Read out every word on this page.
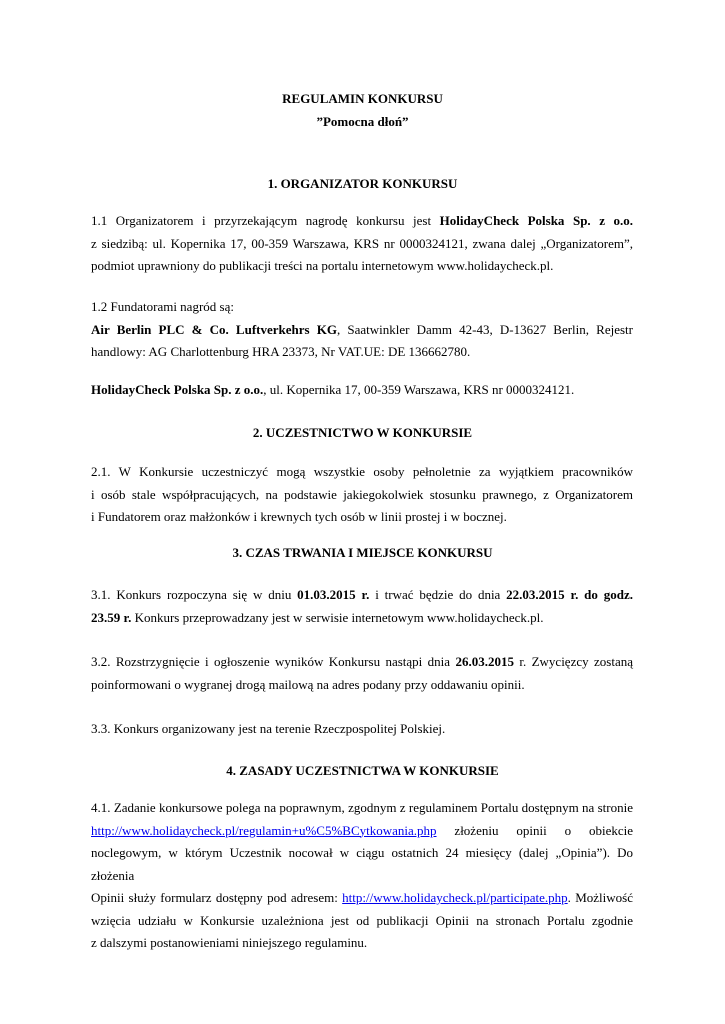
REGULAMIN KONKURSU
”Pomocna dłoń”
1. ORGANIZATOR KONKURSU
1.1 Organizatorem i przyrzekającym nagrodę konkursu jest HolidayCheck Polska Sp. z o.o.
z siedzibą: ul. Kopernika 17, 00-359 Warszawa, KRS nr 0000324121, zwana dalej „Organizatorem”,
podmiot uprawniony do publikacji treści na portalu internetowym www.holidaycheck.pl.
1.2 Fundatorami nagród są:
Air Berlin PLC & Co. Luftverkehrs KG, Saatwinkler Damm 42-43, D-13627 Berlin, Rejestr
handlowy: AG Charlottenburg HRA 23373, Nr VAT.UE: DE 136662780.
HolidayCheck Polska Sp. z o.o., ul. Kopernika 17, 00-359 Warszawa, KRS nr 0000324121.
2. UCZESTNICTWO W KONKURSIE
2.1. W Konkursie uczestniczyć mogą wszystkie osoby pełnoletnie za wyjątkiem pracowników
i osób stale współpracujących, na podstawie jakiegokolwiek stosunku prawnego, z Organizatorem
i Fundatorem oraz małżonków i krewnych tych osób w linii prostej i w bocznej.
3. CZAS TRWANIA I MIEJSCE KONKURSU
3.1. Konkurs rozpoczyna się w dniu 01.03.2015 r. i trwać będzie do dnia 22.03.2015 r. do godz.
23.59 r. Konkurs przeprowadzany jest w serwisie internetowym www.holidaycheck.pl.
3.2. Rozstrzygnięcie i ogłoszenie wyników Konkursu nastąpi dnia 26.03.2015 r. Zwycięzcy zostaną
poinformowani o wygranej drogą mailową na adres podany przy oddawaniu opinii.
3.3. Konkurs organizowany jest na terenie Rzeczpospolitej Polskiej.
4. ZASADY UCZESTNICTWA W KONKURSIE
4.1. Zadanie konkursowe polega na poprawnym, zgodnym z regulaminem Portalu dostępnym na stronie
http://www.holidaycheck.pl/regulamin+u%C5%BCytkowania.php złożeniu opinii o obiekcie
noclegowym, w którym Uczestnik nocował w ciągu ostatnich 24 miesięcy (dalej „Opinia”). Do złożenia
Opinii służy formularz dostępny pod adresem: http://www.holidaycheck.pl/participate.php. Możliwość
wzięcia udziału w Konkursie uzależniona jest od publikacji Opinii na stronach Portalu zgodnie
z dalszymi postanowieniami niniejszego regulaminu.
